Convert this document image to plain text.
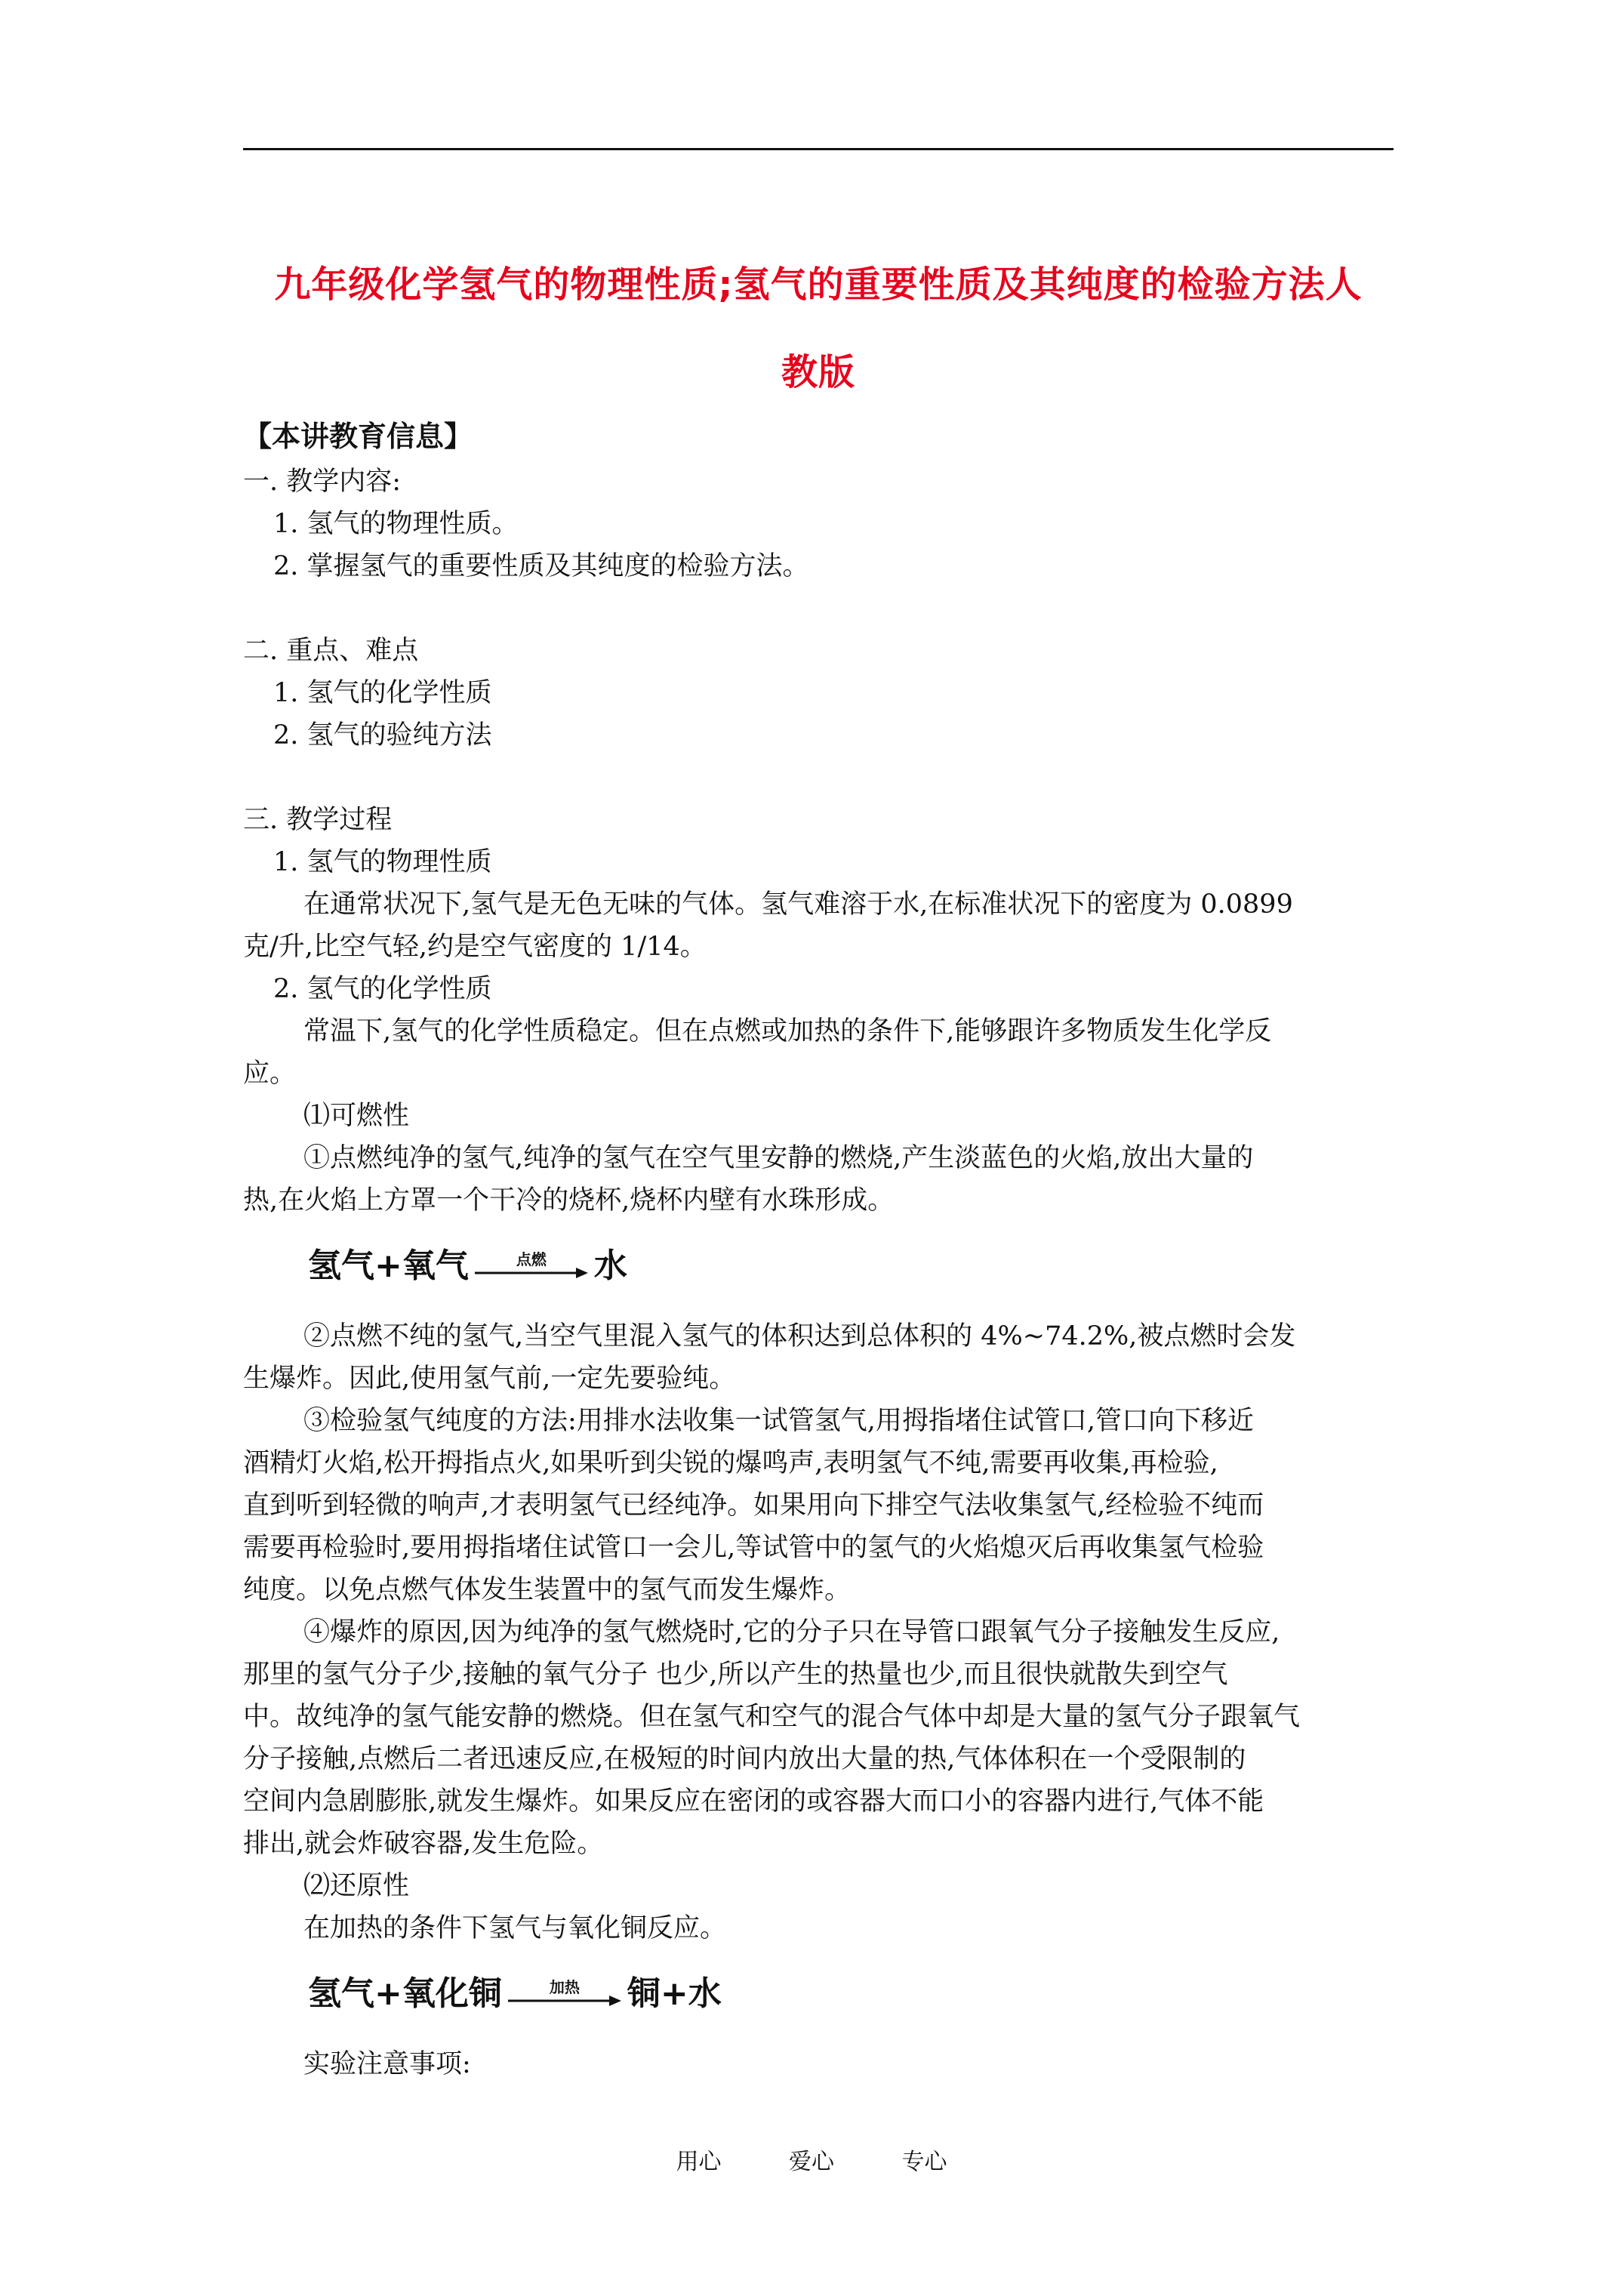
九年级化学氢气的物理性质;氢气的重要性质及其纯度的检验方法人
教版
【本讲教育信息】
一. 教学内容:
1. 氢气的物理性质。
2. 掌握氢气的重要性质及其纯度的检验方法。
二. 重点、难点
1. 氢气的化学性质
2. 氢气的验纯方法
三. 教学过程
1. 氢气的物理性质
在通常状况下,氢气是无色无味的气体。氢气难溶于水,在标准状况下的密度为 0.0899
克/升,比空气轻,约是空气密度的 1/14。
2. 氢气的化学性质
常温下,氢气的化学性质稳定。但在点燃或加热的条件下,能够跟许多物质发生化学反
应。
⑴可燃性
①点燃纯净的氢气,纯净的氢气在空气里安静的燃烧,产生淡蓝色的火焰,放出大量的
热,在火焰上方罩一个干冷的烧杯,烧杯内壁有水珠形成。
氢气+氧气	点燃	水
②点燃不纯的氢气,当空气里混入氢气的体积达到总体积的 4%~74.2%,被点燃时会发
生爆炸。因此,使用氢气前,一定先要验纯。
③检验氢气纯度的方法:用排水法收集一试管氢气,用拇指堵住试管口,管口向下移近
酒精灯火焰,松开拇指点火,如果听到尖锐的爆鸣声,表明氢气不纯,需要再收集,再检验,
直到听到轻微的响声,才表明氢气已经纯净。如果用向下排空气法收集氢气,经检验不纯而
需要再检验时,要用拇指堵住试管口一会儿,等试管中的氢气的火焰熄灭后再收集氢气检验
纯度。以免点燃气体发生装置中的氢气而发生爆炸。
④爆炸的原因,因为纯净的氢气燃烧时,它的分子只在导管口跟氧气分子接触发生反应,
那里的氢气分子少,接触的氧气分子 也少,所以产生的热量也少,而且很快就散失到空气
中。故纯净的氢气能安静的燃烧。但在氢气和空气的混合气体中却是大量的氢气分子跟氧气
分子接触,点燃后二者迅速反应,在极短的时间内放出大量的热,气体体积在一个受限制的
空间内急剧膨胀,就发生爆炸。如果反应在密闭的或容器大而口小的容器内进行,气体不能
排出,就会炸破容器,发生危险。
⑵还原性
在加热的条件下氢气与氧化铜反应。
氢气+氧化铜	加热	铜+水
实验注意事项:
用心	爱心	专心
